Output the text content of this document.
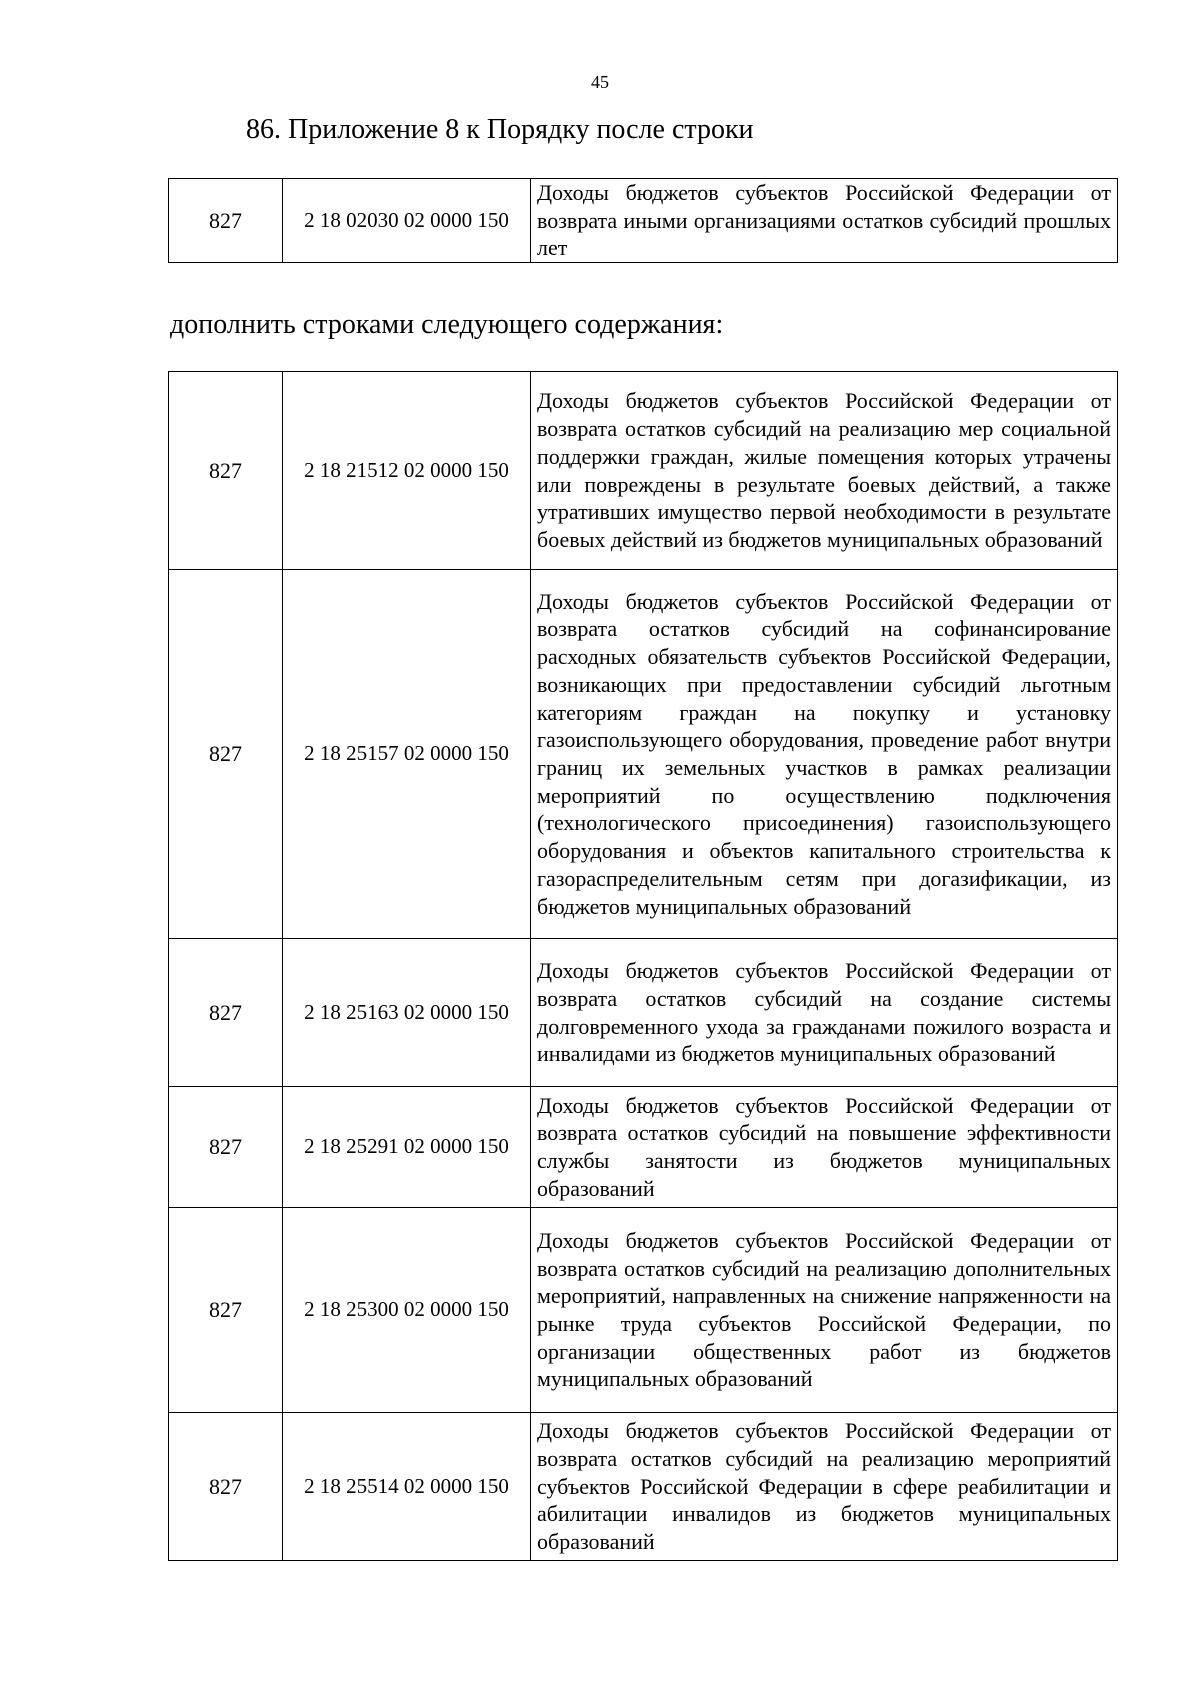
45
86. Приложение 8 к Порядку после строки
827	2 18 02030 02 0000 150	Доходы бюджетов субъектов Российской Федерации от возврата иными организациями остатков субсидий прошлых лет
дополнить строками следующего содержания:
827	2 18 21512 02 0000 150	Доходы бюджетов субъектов Российской Федерации от возврата остатков субсидий на реализацию мер социальной поддержки граждан, жилые помещения которых утрачены или повреждены в результате боевых действий, а также утративших имущество первой необходимости в результате боевых действий из бюджетов муниципальных образований
827	2 18 25157 02 0000 150	Доходы бюджетов субъектов Российской Федерации от возврата остатков субсидий на софинансирование расходных обязательств субъектов Российской Федерации, возникающих при предоставлении субсидий льготным категориям граждан на покупку и установку газоиспользующего оборудования, проведение работ внутри границ их земельных участков в рамках реализации мероприятий по осуществлению подключения (технологического присоединения) газоиспользующего оборудования и объектов капитального строительства к газораспределительным сетям при догазификации, из бюджетов муниципальных образований
827	2 18 25163 02 0000 150	Доходы бюджетов субъектов Российской Федерации от возврата остатков субсидий на создание системы долговременного ухода за гражданами пожилого возраста и инвалидами из бюджетов муниципальных образований
827	2 18 25291 02 0000 150	Доходы бюджетов субъектов Российской Федерации от возврата остатков субсидий на повышение эффективности службы занятости из бюджетов муниципальных образований
827	2 18 25300 02 0000 150	Доходы бюджетов субъектов Российской Федерации от возврата остатков субсидий на реализацию дополнительных мероприятий, направленных на снижение напряженности на рынке труда субъектов Российской Федерации, по организации общественных работ из бюджетов муниципальных образований
827	2 18 25514 02 0000 150	Доходы бюджетов субъектов Российской Федерации от возврата остатков субсидий на реализацию мероприятий субъектов Российской Федерации в сфере реабилитации и абилитации инвалидов из бюджетов муниципальных образований
